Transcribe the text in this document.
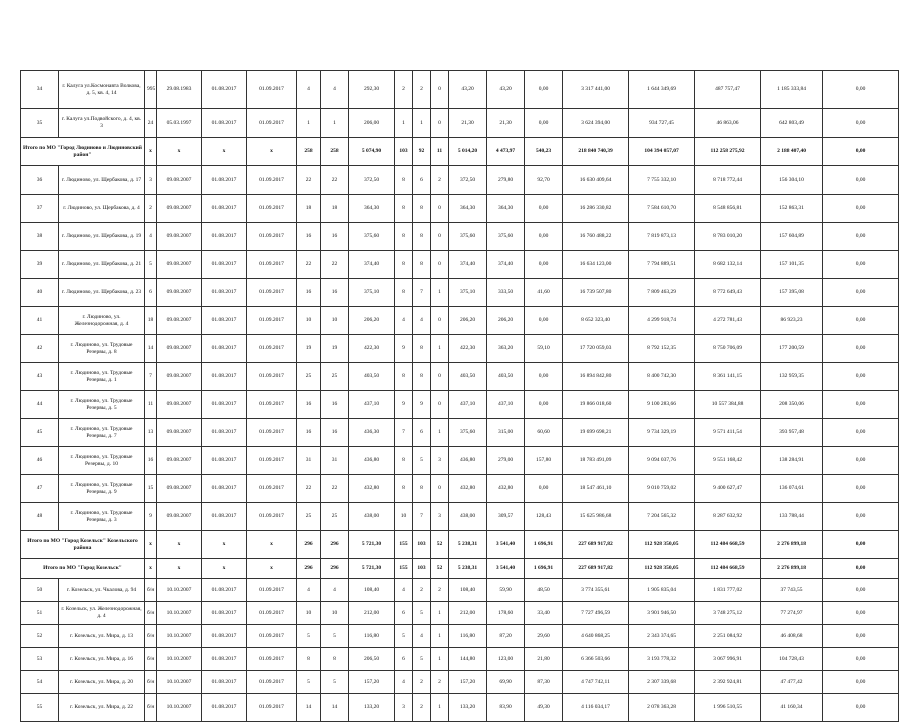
34	г. Калуга ул.Космонавта Волкова, д. 5, кв. 4, 14	995	29.08.1983	01.08.2017	01.09.2017	4	4	292,30	2	2	0	43,20	43,20	0,00	3 317 441,00	1 644 349,69	487 757,47	1 185 333,84	0,00
35	г. Калуга ул.Подвойского, д. 4, кв. 3	24	05.03.1997	01.08.2017	01.09.2017	1	1	206,00	1	1	0	21,30	21,30	0,00	3 624 394,00	934 727,45	46 863,06	642 803,49	0,00
Итого по МО "Город Людиново и Людиновский район"		x	x	x	x	258	258	5 074,90	103	92	11	5 014,20	4 473,97	540,23	218 840 740,39	104 394 057,07	112 258 275,92	2 188 407,40	0,00
36	г. Людиново, ул. Щербакова, д. 17	3	09.08.2007	01.08.2017	01.09.2017	22	22	372,50	8	6	2	372,50	279,80	92,70	16 630 409,64	7 755 332,10	8 718 772,44	156 304,10	0,00
37	г. Людиново, ул. Щербакова, д. 4	2	09.08.2007	01.08.2017	01.09.2017	18	18	364,30	8	8	0	364,30	364,30	0,00	16 286 330,82	7 584 610,70	8 548 856,81	152 863,31	0,00
38	г. Людиново, ул. Щербакова, д. 19	4	09.08.2007	01.08.2017	01.09.2017	16	16	375,60	8	8	0	375,60	375,60	0,00	16 760 488,22	7 819 873,13	8 783 010,20	157 604,89	0,00
39	г. Людиново, ул. Щербакова, д. 21	5	09.08.2007	01.08.2017	01.09.2017	22	22	374,40	8	8	0	374,40	374,40	0,00	16 634 123,00	7 794 889,51	8 682 132,14	157 101,35	0,00
40	г. Людиново, ул. Щербакова, д. 23	6	09.08.2007	01.08.2017	01.09.2017	16	16	375,10	8	7	1	375,10	333,50	41,60	16 739 507,80	7 809 463,29	8 772 649,43	157 395,08	0,00
41	г. Людиново, ул. Железнодорожная, д. 4	18	09.08.2007	01.08.2017	01.09.2017	10	10	206,20	4	4	0	206,20	206,20	0,00	8 652 323,40	4 299 918,74	4 272 781,43	86 923,23	0,00
42	г. Людиново, ул. Трудовые Резервы, д. 8	14	09.08.2007	01.08.2017	01.09.2017	19	19	422,30	9	8	1	422,30	363,20	59,10	17 720 059,03	8 792 152,35	8 750 706,09	177 200,59	0,00
43	г. Людиново, ул. Трудовые Резервы, д. 1	7	09.08.2007	01.08.2017	01.09.2017	25	25	403,50	8	8	0	403,50	403,50	0,00	16 894 842,80	8 400 742,30	8 361 141,15	132 959,35	0,00
44	г. Людиново, ул. Трудовые Резервы, д. 5	11	09.08.2007	01.08.2017	01.09.2017	16	16	437,10	9	9	0	437,10	437,10	0,00	19 866 018,60	9 100 283,66	10 557 384,88	208 350,06	0,00
45	г. Людиново, ул. Трудовые Резервы, д. 7	13	09.08.2007	01.08.2017	01.09.2017	16	16	436,30	7	6	1	375,60	315,00	60,60	19 699 698,21	9 734 329,19	9 571 411,54	393 957,48	0,00
46	г. Людиново, ул. Трудовые Резервы, д. 10	16	09.08.2007	01.08.2017	01.09.2017	31	31	436,80	8	5	3	436,80	279,00	157,80	18 783 491,09	9 094 037,76	9 551 168,42	138 284,91	0,00
47	г. Людиново, ул. Трудовые Резервы, д. 9	15	09.08.2007	01.08.2017	01.09.2017	22	22	432,80	8	8	0	432,80	432,80	0,00	18 547 461,10	9 010 759,02	9 400 627,47	136 074,61	0,00
48	г. Людиново, ул. Трудовые Резервы, д. 3	9	09.08.2007	01.08.2017	01.09.2017	25	25	438,00	10	7	3	438,00	309,57	128,43	15 625 986,68	7 204 565,32	8 287 632,92	133 788,44	0,00
Итого по МО "Город Козельск" Козельского района		x	x	x	x	296	296	5 721,30	155	103	52	5 238,31	3 541,40	1 696,91	227 689 917,82	112 928 350,05	112 484 668,59	2 276 899,18	0,00
Итого по МО "Город Козельск"		x	x	x	x	296	296	5 721,30	155	103	52	5 238,31	3 541,40	1 696,91	227 689 917,82	112 928 350,05	112 484 668,59	2 276 899,18	0,00
50	г. Козельск, ул. Чкалова, д. 94	б/н	10.10.2007	01.08.2017	01.09.2017	4	4	108,40	4	2	2	108,40	59,90	48,50	3 774 355,61	1 905 835,04	1 831 777,02	37 743,55	0,00
51	г. Козельск, ул. Железнодорожная, д. 4	б/н	10.10.2007	01.08.2017	01.09.2017	10	10	212,00	6	5	1	212,00	178,60	33,40	7 727 496,59	3 901 946,50	3 748 275,12	77 274,97	0,00
52	г. Козельск, ул. Мира, д. 13	б/н	10.10.2007	01.08.2017	01.09.2017	5	5	116,80	5	4	1	116,80	87,20	29,60	4 640 868,25	2 343 374,65	2 251 084,92	46 408,68	0,00
53	г. Козельск, ул. Мира, д. 16	б/н	10.10.2007	01.08.2017	01.09.2017	8	8	206,50	6	5	1	144,80	123,00	21,80	6 366 503,66	3 193 778,32	3 067 996,91	104 728,43	0,00
54	г. Козельск, ул. Мира, д. 20	б/н	10.10.2007	01.08.2017	01.09.2017	5	5	157,20	4	2	2	157,20	69,90	87,30	4 747 742,11	2 307 339,68	2 392 924,81	47 477,42	0,00
55	г. Козельск, ул. Мира, д. 22	б/н	10.10.2007	01.08.2017	01.09.2017	14	14	133,20	3	2	1	133,20	83,90	49,30	4 116 034,17	2 078 363,28	1 996 510,55	41 160,34	0,00
